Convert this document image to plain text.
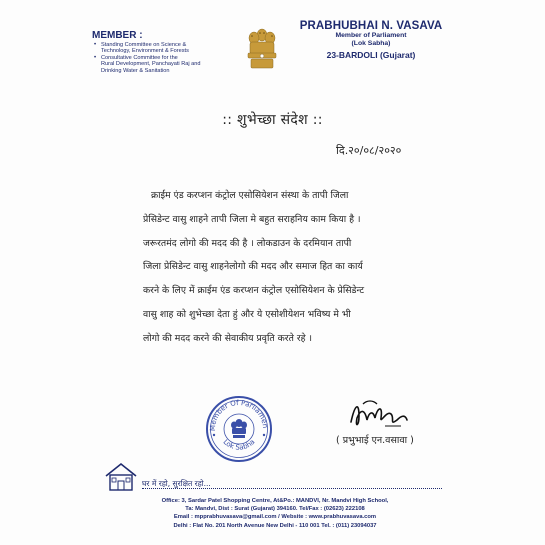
MEMBER :
• Standing Committee on Science &
Technology, Environment & Forests
• Consultative Committee for the
Rural Development, Panchayati Raj and
Drinking Water & Sanitation
PRABHUBHAI N. VASAVA
Member of Parliament
(Lok Sabha)
23-BARDOLI (Gujarat)
:: शुभेच्छा संदेश ::
दि.२०/०८/२०२०
क्राईम एंड करप्शन कंट्रोल एसोसियेशन संस्था के तापी जिला
प्रेसिडेन्ट वासु शाहने तापी जिला मे बहुत सराहनिय काम किया है ।
जरूरतमंद लोगो की मदद की है । लोकडाउन के दरमियान तापी
जिला प्रेसिडेन्ट वासु शाहनेलोगो की मदद और समाज हित का कार्य
करने के लिए में क्राईम एंड करप्शन कंट्रोल एसोसियेशन के प्रेसिडेन्ट
वासु शाह को शुभेच्छा देता हुं और ये एसोशीयेशन भविष्य मे भी
लोगो की मदद करने की सेवाकीय प्रवृति करते रहे ।
Member Of Parliamen
Lok Sabha	( प्रभुभाई एन.वसावा )
घर में रहो, सुरक्षित रहो...
Office: 3, Sardar Patel Shopping Centre, At&Po.: MANDVI, Nr. Mandvi High School,
Ta: Mandvi, Dist : Surat (Gujarat) 394160. Tel/Fax : (02623) 222108
Email : mpprabhuvasava@gmail.com / Website : www.prabhuvasava.com
Delhi : Flat No. 201 North Avenue New Delhi - 110 001 Tel. : (011) 23094037
